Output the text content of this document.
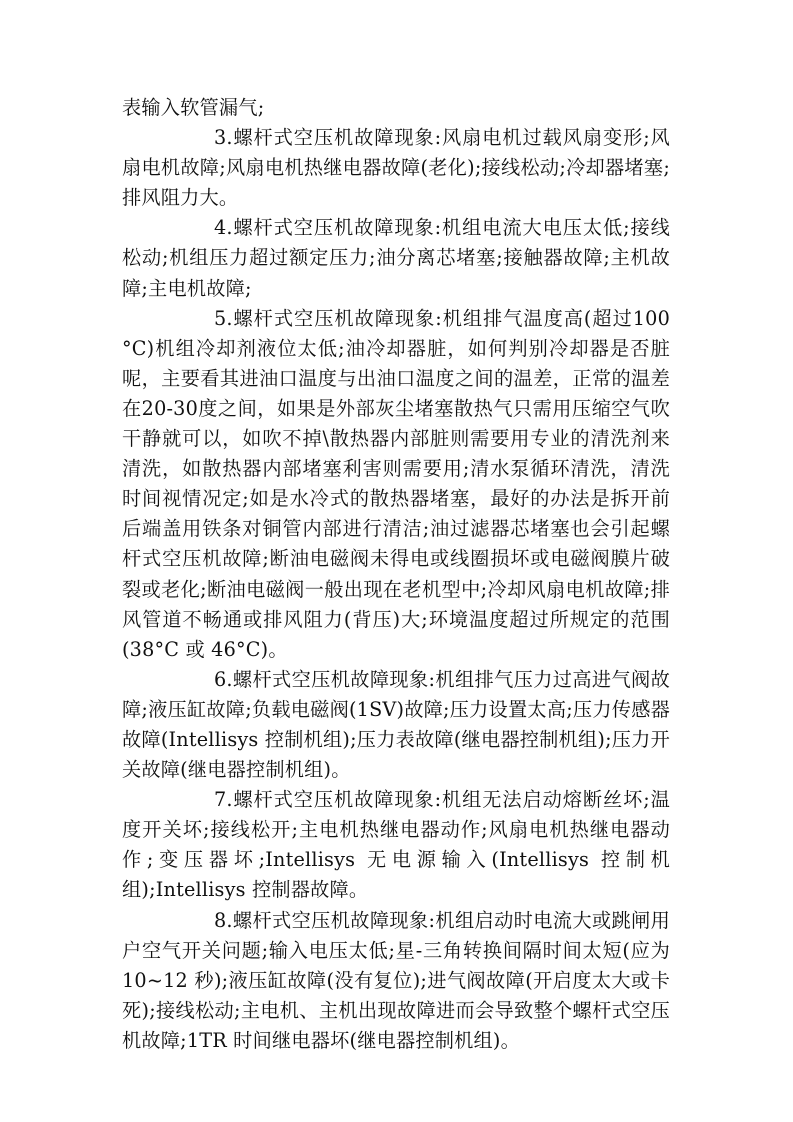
表输入软管漏气;

3.螺杆式空压机故障现象:风扇电机过载风扇变形;风扇电机故障;风扇电机热继电器故障(老化);接线松动;冷却器堵塞;排风阻力大。

4.螺杆式空压机故障现象:机组电流大电压太低;接线松动;机组压力超过额定压力;油分离芯堵塞;接触器故障;主机故障;主电机故障;

5.螺杆式空压机故障现象:机组排气温度高(超过100 °C)机组冷却剂液位太低;油冷却器脏，如何判别冷却器是否脏呢，主要看其进油口温度与出油口温度之间的温差，正常的温差在20-30度之间，如果是外部灰尘堵塞散热气只需用压缩空气吹干静就可以，如吹不掉\散热器内部脏则需要用专业的清洗剂来清洗，如散热器内部堵塞利害则需要用;清水泵循环清洗，清洗时间视情况定;如是水冷式的散热器堵塞，最好的办法是拆开前后端盖用铁条对铜管内部进行清洁;油过滤器芯堵塞也会引起螺杆式空压机故障;断油电磁阀未得电或线圈损坏或电磁阀膜片破裂或老化;断油电磁阀一般出现在老机型中;冷却风扇电机故障;排风管道不畅通或排风阻力(背压)大;环境温度超过所规定的范围(38°C 或 46°C)。

6.螺杆式空压机故障现象:机组排气压力过高进气阀故障;液压缸故障;负载电磁阀(1SV)故障;压力设置太高;压力传感器故障(Intellisys 控制机组);压力表故障(继电器控制机组);压力开关故障(继电器控制机组)。

7.螺杆式空压机故障现象:机组无法启动熔断丝坏;温度开关坏;接线松开;主电机热继电器动作;风扇电机热继电器动作;变压器坏;Intellisys 无电源输入(Intellisys 控制机组);Intellisys 控制器故障。

8.螺杆式空压机故障现象:机组启动时电流大或跳闸用户空气开关问题;输入电压太低;星-三角转换间隔时间太短(应为 10~12 秒);液压缸故障(没有复位);进气阀故障(开启度太大或卡死);接线松动;主电机、主机出现故障进而会导致整个螺杆式空压机故障;1TR 时间继电器坏(继电器控制机组)。
